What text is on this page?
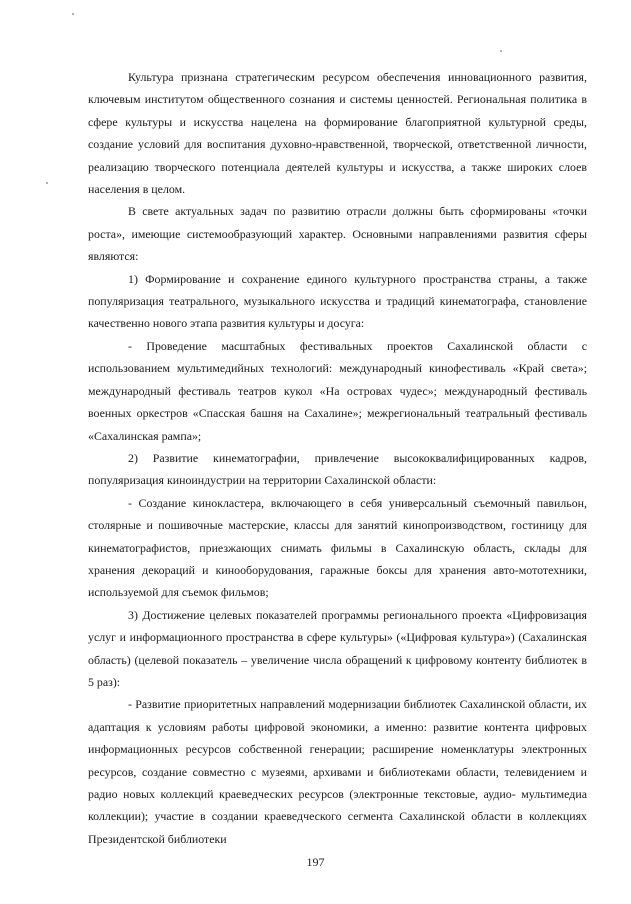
Культура признана стратегическим ресурсом обеспечения инновационного развития, ключевым институтом общественного сознания и системы ценностей. Региональная политика в сфере культуры и искусства нацелена на формирование благоприятной культурной среды, создание условий для воспитания духовно-нравственной, творческой, ответственной личности, реализацию творческого потенциала деятелей культуры и искусства, а также широких слоев населения в целом.

В свете актуальных задач по развитию отрасли должны быть сформированы «точки роста», имеющие системообразующий характер. Основными направлениями развития сферы являются:

1) Формирование и сохранение единого культурного пространства страны, а также популяризация театрального, музыкального искусства и традиций кинематографа, становление качественно нового этапа развития культуры и досуга:

- Проведение масштабных фестивальных проектов Сахалинской области с использованием мультимедийных технологий: международный кинофестиваль «Край света»; международный фестиваль театров кукол «На островах чудес»; международный фестиваль военных оркестров «Спасская башня на Сахалине»; межрегиональный театральный фестиваль «Сахалинская рампа»;

2) Развитие кинематографии, привлечение высококвалифицированных кадров, популяризация киноиндустрии на территории Сахалинской области:

- Создание кинокластера, включающего в себя универсальный съемочный павильон, столярные и пошивочные мастерские, классы для занятий кинопроизводством, гостиницу для кинематографистов, приезжающих снимать фильмы в Сахалинскую область, склады для хранения декораций и кинооборудования, гаражные боксы для хранения авто-мототехники, используемой для съемок фильмов;

3) Достижение целевых показателей программы регионального проекта «Цифровизация услуг и информационного пространства в сфере культуры» («Цифровая культура») (Сахалинская область) (целевой показатель – увеличение числа обращений к цифровому контенту библиотек в 5 раз):

- Развитие приоритетных направлений модернизации библиотек Сахалинской области, их адаптация к условиям работы цифровой экономики, а именно: развитие контента цифровых информационных ресурсов собственной генерации; расширение номенклатуры электронных ресурсов, создание совместно с музеями, архивами и библиотеками области, телевидением и радио новых коллекций краеведческих ресурсов (электронные текстовые, аудио- мультимедиа коллекции); участие в создании краеведческого сегмента Сахалинской области в коллекциях Президентской библиотеки

197
